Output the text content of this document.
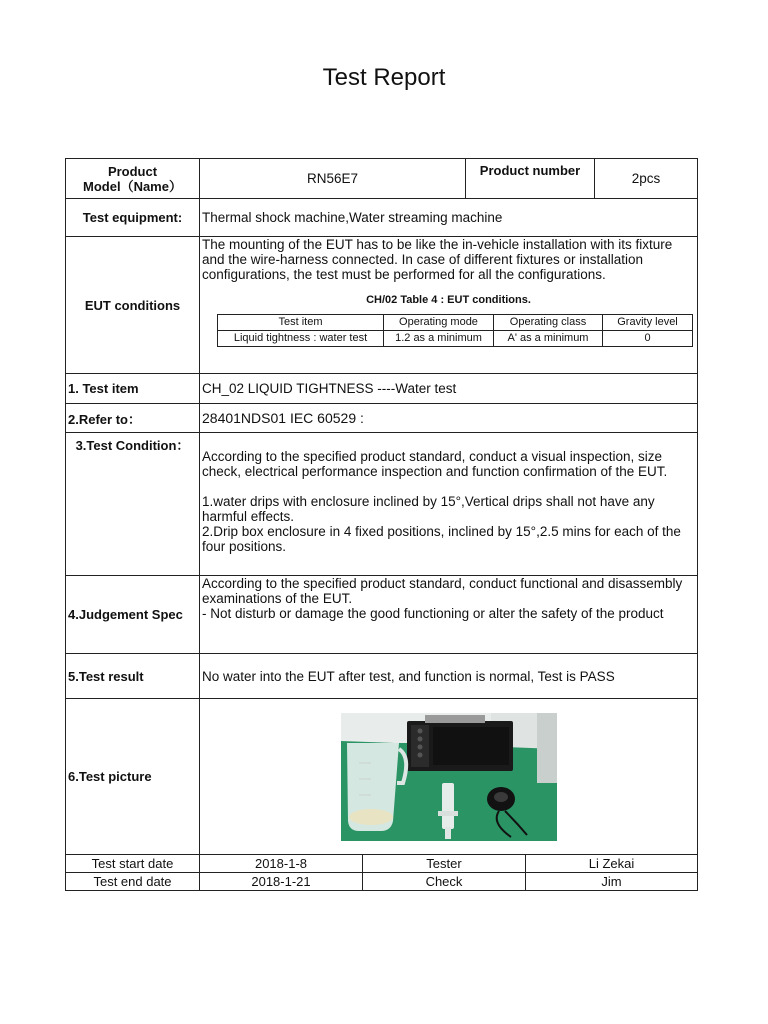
Test Report
Product
Model（Name）	RN56E7	Product number	2pcs
Test equipment:	Thermal shock machine,Water streaming machine
EUT conditions	
The mounting of the EUT has to be like the in-vehicle installation with its fixture and the wire-harness connected. In case of different fixtures or installation configurations, the test must be performed for all the configurations.
CH/02 Table 4 : EUT conditions.
Test item	Operating mode	Operating class	Gravity level
Liquid tightness : water test	1.2 as a minimum	A' as a minimum	0

1. Test item	CH_02 LIQUID TIGHTNESS ----Water test
2.Refer to：	28401NDS01 IEC 60529 :
3.Test Condition：	

According to the specified product standard, conduct a visual inspection, size check, electrical performance inspection and function confirmation of the EUT.

1.water drips with enclosure inclined by 15°,Vertical drips shall not have any harmful effects.

2.Drip box enclosure in 4 fixed positions, inclined by 15°,2.5 mins for each of the four positions.

4.Judgement Spec	

According to the specified product standard, conduct functional and disassembly examinations of the EUT.

- Not disturb or damage the good functioning or alter the safety of the product

5.Test result	No water into the EUT after test, and function is normal, Test is PASS
6.Test picture	
Test start date	2018-1-8	Tester	Li Zekai
Test end date	2018-1-21	Check	Jim
